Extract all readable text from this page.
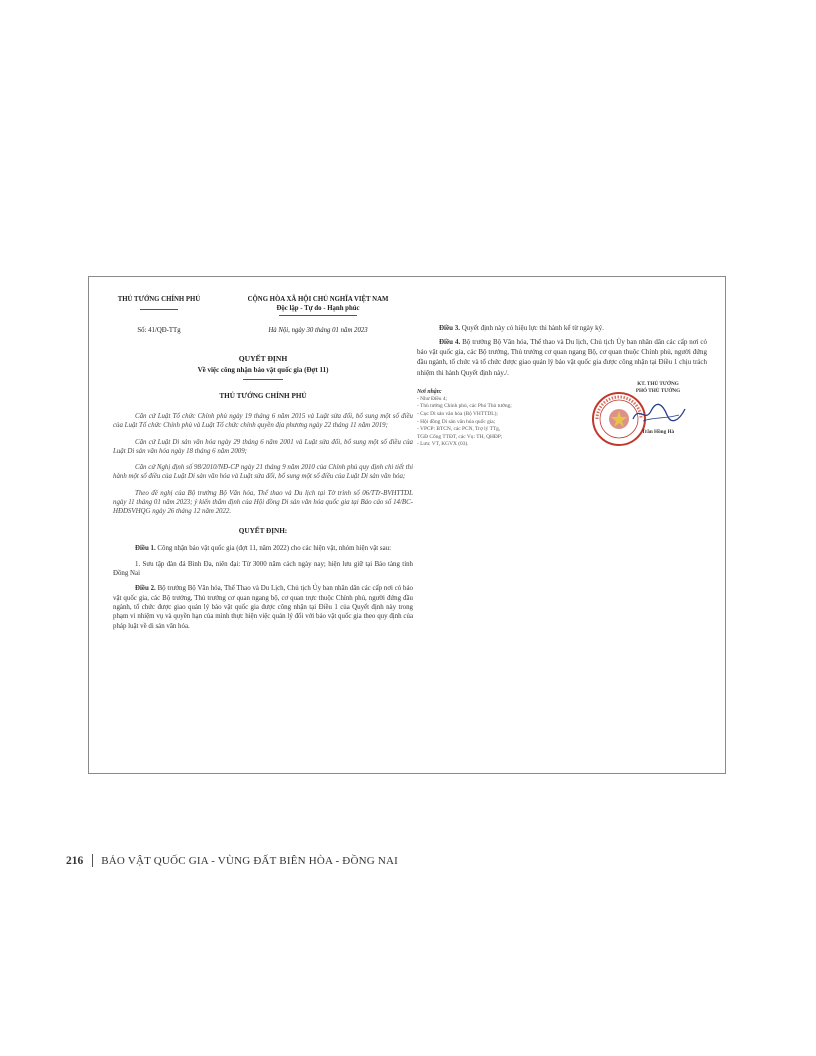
THỦ TƯỚNG CHÍNH PHỦ	CỘNG HÒA XÃ HỘI CHỦ NGHĨA VIỆT NAM
Độc lập - Tự do - Hạnh phúc
Số: 41/QĐ-TTg	Hà Nội, ngày 30 tháng 01 năm 2023
QUYẾT ĐỊNH
Về việc công nhận bảo vật quốc gia (Đợt 11)
THỦ TƯỚNG CHÍNH PHỦ

Căn cứ Luật Tổ chức Chính phủ ngày 19 tháng 6 năm 2015 và Luật sửa đổi, bổ sung một số điều của Luật Tổ chức Chính phủ và Luật Tổ chức chính quyền địa phương ngày 22 tháng 11 năm 2019;

Căn cứ Luật Di sản văn hóa ngày 29 tháng 6 năm 2001 và Luật sửa đổi, bổ sung một số điều của Luật Di sản văn hóa ngày 18 tháng 6 năm 2009;

Căn cứ Nghị định số 98/2010/NĐ-CP ngày 21 tháng 9 năm 2010 của Chính phủ quy định chi tiết thi hành một số điều của Luật Di sản văn hóa và Luật sửa đổi, bổ sung một số điều của Luật Di sản văn hóa;

Theo đề nghị của Bộ trưởng Bộ Văn hóa, Thể thao và Du lịch tại Tờ trình số 06/TTr-BVHTTDL ngày 11 tháng 01 năm 2023; ý kiến thẩm định của Hội đồng Di sản văn hóa quốc gia tại Báo cáo số 14/BC-HĐDSVHQG ngày 26 tháng 12 năm 2022.

QUYẾT ĐỊNH:

Điều 1. Công nhận bảo vật quốc gia (đợt 11, năm 2022) cho các hiện vật, nhóm hiện vật sau:

1. Sưu tập đàn đá Bình Đa, niên đại: Từ 3000 năm cách ngày nay; hiện lưu giữ tại Bảo tàng tỉnh Đồng Nai

Điều 2. Bộ trưởng Bộ Văn hóa, Thể Thao và Du Lịch, Chủ tịch Ủy ban nhân dân các cấp nơi có bảo vật quốc gia, các Bộ trưởng, Thủ trưởng cơ quan ngang bộ, cơ quan trực thuộc Chính phủ, người đứng đầu ngành, tổ chức được giao quản lý bảo vật quốc gia được công nhận tại Điều 1 của Quyết định này trong phạm vi nhiệm vụ và quyền hạn của mình thực hiện việc quản lý đối với bảo vật quốc gia theo quy định của pháp luật về di sản văn hóa.

Điều 3. Quyết định này có hiệu lực thi hành kể từ ngày ký.

Điều 4. Bộ trưởng Bộ Văn hóa, Thể thao và Du lịch, Chủ tịch Ủy ban nhân dân các cấp nơi có bảo vật quốc gia, các Bộ trưởng, Thủ trưởng cơ quan ngang Bộ, cơ quan thuộc Chính phủ, người đứng đầu ngành, tổ chức và tổ chức được giao quản lý bảo vật quốc gia được công nhận tại Điều 1 chịu trách nhiệm thi hành Quyết định này./.

Nơi nhận:
- Như Điều 4;
- Thủ tướng Chính phủ, các Phó Thủ tướng;
- Cục Di sản văn hóa (Bộ VHTTDL);
- Hội đồng Di sản văn hóa quốc gia;
- VPCP: BTCN, các PCN, Trợ lý TTg,
TGĐ Cổng TTĐT, các Vụ: TH, QHĐP;
- Lưu: VT, KGVX (03).
KT. THỦ TƯỚNG
PHÓ THỦ TƯỚNG
Trần Hồng Hà
216 BẢO VẬT QUỐC GIA - VÙNG ĐẤT BIÊN HÒA - ĐỒNG NAI
